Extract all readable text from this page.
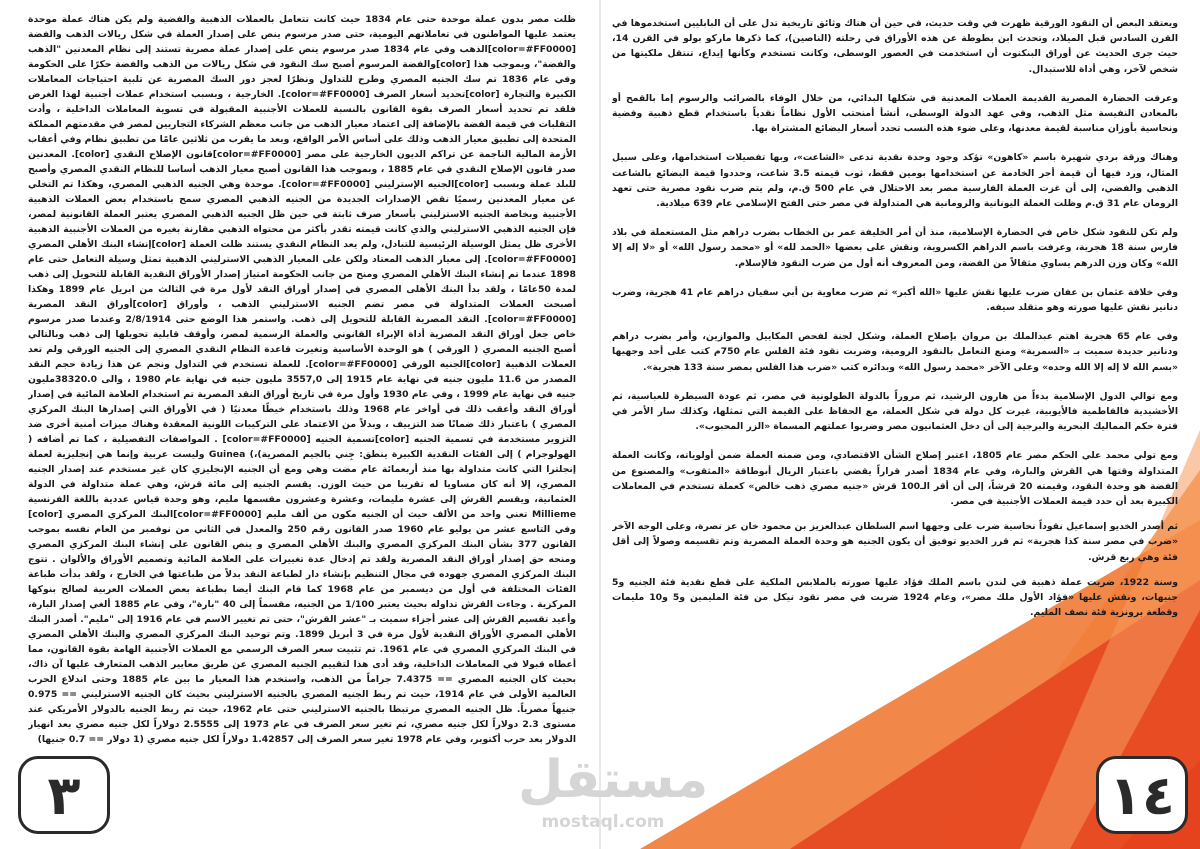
ظلت مصر بدون عملة موحدة حتى عام 1834 حيث كانت تتعامل بالعملات الذهبية والفضية ولم يكن هناك عملة موحدة يعتمد عليها المواطنون في تعاملاتهم اليومية، حتى صدر مرسوم ينص على إصدار العملة في شكل ريالات الذهب والفضة [color=#FF0000]الذهب وفي عام 1834 صدر مرسوم ينص على إصدار عملة مصرية تستند إلى نظام المعدنين "الذهب والفضة"، وبموجب هذا [color]والفضة المرسوم أصبح سك النقود في شكل ريالات من الذهب والفضة حكرًا على الحكومة وفي عام 1836 تم سك الجنيه المصري وطرح للتداول ونظرًا لعجز دور السك المصرية عن تلبية احتياجات المعاملات الكبيرة والتجارة [color]تحديد أسعار الصرف [color=#FF0000]. الخارجية ، وبسبب استخدام عملات أجنبية لهذا الغرض فلقد تم تحديد أسعار الصرف بقوة القانون بالنسبة للعملات الأجنبية المقبولة في تسوية المعاملات الداخلية ، وأدت التقلبات في قيمة الفضة بالإضافة إلى اعتماد معيار الذهب من جانب معظم الشركاء التجاريين لمصر في مقدمتهم المملكة المتحدة إلى تطبيق معيار الذهب وذلك على أساس الأمر الواقع، وبعد ما يقرب من ثلاثين عامًا من تطبيق نظام وفي أعقاب الأزمة المالية الناجمة عن تراكم الديون الخارجية على مصر [color=#FF0000]قانون الإصلاح النقدي [color]. المعدنين صدر قانون الإصلاح النقدي في عام 1885 ، وبموجب هذا القانون أصبح معيار الذهب أساسا للنظام النقدي المصري وأصبح للبلد عملة وبسبب [color]الجنيه الإسترليني [color=#FF0000]. موحدة وهي الجنيه الذهبي المصري، وهكذا تم التخلي عن معيار المعدنين رسميًا نقص الإصدارات الجديدة من الجنيه الذهبي المصري سمح باستخدام بعض العملات الذهبية الأجنبية وبخاصة الجنيه الاسترليني بأسعار صرف ثابتة في حين ظل الجنيه الذهبي المصري يعتبر العملة القانونية لمصر، فإن الجنيه الذهبي الاسترليني والذي كانت قيمته تقدر بأكثر من محتواه الذهبي مقارنة بغيره من العملات الأجنبية الذهبية الأخرى ظل يمثل الوسيلة الرئيسية للتبادل، ولم يعد النظام النقدي يستند ظلت العملة [color]إنشاء البنك الأهلي المصري [color=#FF0000]. إلى معيار الذهب المعتاد ولكن على المعيار الذهبي الاسترليني الذهبية تمثل وسيلة التعامل حتى عام 1898 عندما تم إنشاء البنك الأهلي المصري ومنح من جانب الحكومة امتياز إصدار الأوراق النقدية القابلة للتحويل إلى ذهب لمدة 50عامًا ، ولقد بدأ البنك الأهلى المصري في إصدار أوراق النقد لأول مرة في الثالث من ابريل عام 1899 وهكذا أصبحت العملات المتداولة في مصر تضم الجنيه الاسترليني الذهب ، وأوراق [color]أوراق النقد المصرية [color=#FF0000]. النقد المصرية القابلة للتحويل إلى ذهب. واستمر هذا الوضع حتى 2/8/1914 وعندما صدر مرسوم خاص جعل أوراق النقد المصرية أداة الإبراء القانوني والعملة الرسمية لمصر، وأوقف قابلية تحويلها إلى ذهب وبالتالي أصبح الجنيه المصري ( الورقي ) هو الوحدة الأساسية وتغيرت قاعدة النظام النقدي المصري إلى الجنيه الورقي ولم تعد العملات الذهبية [color]الجنيه الورقي [color=#FF0000]. للعملة تستخدم في التداول ونجم عن هذا زيادة حجم النقد المصدر من 11.6 مليون جنيه في نهاية عام 1915 إلى 3557,0 مليون جنيه في نهاية عام 1980 ، والى 38320.0مليون جنيه في نهاية عام 1999 ، وفي عام 1930 وأول مرة في تاريخ أوراق النقد المصرية تم استخدام العلامة المائية في إصدار أوراق النقد وأعقب ذلك في أواخر عام 1968 وذلك باستخدام خيطًا معدنيًا ( في الأوراق التي إصدارها البنك المركزي المصري ) باعتبار ذلك ضمانًا ضد التزييف ، وبدلاً من الاعتماد على التركيبات اللونية المعقدة وهناك ميزات أمنية أخرى ضد التزوير مستخدمة في تسمية الجنيه [color]تسمية الجنيه [color=#FF0000] . المواصفات التفصيلية ، كما تم أضافه ( الهولوجرام ) إلى الفئات النقدية الكبيرة ينطق: جِني بالجيم المصرية)،) Guinea وليست عربية وإنما هي إنجليزية لعملة إنجلترا التي كانت متداولة بها منذ أربعمائة عام مضت وهي ومع أن الجنيه الإنجليزي كان غير مستخدم عند إصدار الجنيه المصري، إلا أنه كان مساويا له تقريبا من حيث الوزن. يقسم الجنيه إلى مائة قرش، وهي عملة متداولة في الدولة العثمانية، ويقسم القرش إلى عشرة مليمات، وعشرة وعشرون مقسمها مليم، وهو وحدة قياس عددية باللغة الفرنسية Millieme تعني واحد من الألف حيث أن الجنيه مكون من ألف مليم [color=#FF0000]البنك المركزي المصري [color] وفي التاسع عشر من يوليو عام 1960 صدر القانون رقم 250 والمعدل في الثاني من نوفمبر من العام نفسه بموجب القانون 377 بشأن البنك المركزي المصري والبنك الأهلي المصري و ينص القانون على إنشاء البنك المركزي المصري ومنحه حق إصدار أوراق النقد المصرية ولقد تم إدخال عدة تغييرات على العلامة المائية وتصميم الأوراق والألوان . تتوج البنك المركزي المصري جهوده في مجال التنظيم بإنشاء دار لطباعة النقد بدلاً من طباعتها في الخارج ، ولقد بدأت طباعة الفئات المختلفة في أول من ديسمبر من عام 1968 كما قام البنك أيضا بطباعة بعض العملات العربية لصالح بنوكها المركزية . وجاءت القرش تداوله بحيث يعتبر 1/100 من الجنيه، مقسماً إلى 40 "بارة"، وفي عام 1885 ألغي إصدار البارة، وأعيد تقسيم القرش إلى عشر أجزاء سميت بـ "عشر القرش"، حتى تم تغيير الاسم في عام 1916 إلى "مليم". أصدر البنك الأهلي المصري الأوراق النقدية لأول مرة في 3 أبريل 1899. وتم توحيد البنك المركزي المصري والبنك الأهلي المصري في البنك المركزي المصري في عام 1961. تم تثبيت سعر الصرف الرسمي مع العملات الأجنبية الهامة بقوة القانون، مما أعطاه قبولا في المعاملات الداخلية، وقد أدى هذا لتقييم الجنيه المصري عن طريق معايير الذهب المتعارف عليها آن ذاك، بحيث كان الجنيه المصري == 7.4375 جراماً من الذهب، واستخدم هذا المعيار ما بين عام 1885 وحتى اندلاع الحرب العالمية الأولى في عام 1914، حيث تم ربط الجنيه المصري بالجنيه الاسترليني بحيث كان الجنيه الاسترليني == 0.975 جنيهاً مصرياً. ظل الجنيه المصري مرتبطا بالجنيه الاسترليني حتى عام 1962، حيث تم ربط الجنيه بالدولار الأمريكي عند مستوى 2.3 دولاراً لكل جنيه مصري، ثم تغير سعر الصرف في عام 1973 إلى 2.5555 دولاراً لكل جنيه مصري بعد انهيار الدولار بعد حرب أكتوبر، وفي عام 1978 تغير سعر الصرف إلى 1.42857 دولاراً لكل جنيه مصري (1 دولار == 0.7 جنيها)

ويعتقد البعض أن النقود الورقية ظهرت في وقت حديث، في حين أن هناك وثائق تاريخية تدل على أن البابليين استخدموها في القرن السادس قبل الميلاد، وتحدث ابن بطوطة عن هذه الأوراق في رحلته (الناصين)، كما ذكرها ماركو بولو في القرن 14، حيث جرى الحديث عن أوراق البنكنوت أن استخدمت في العصور الوسطى، وكانت تستخدم وكأنها إيداع، تنتقل ملكيتها من شخص لآخر، وهي أداة للاستبدال.

وعرفت الحضارة المصرية القديمة العملات المعدنية في شكلها البدائي، من خلال الوفاء بالضرائب والرسوم إما بالقمح أو بالمعادن النفيسة مثل الذهب، وفي عهد الدولة الوسطى، أنشأ أمنحتب الأول نظاماً نقدياً باستخدام قطع ذهبية وفضية ونحاسية بأوزان مناسبة لقيمة معدنها، وعلى ضوء هذه النسب تحدد أسعار البضائع المشتراة بها.

وهناك ورقة بردي شهيرة باسم «كاهون» تؤكد وجود وحدة نقدية تدعى «الشاعت»، وبها تفصيلات استخدامها، وعلى سبيل المثال، ورد فيها أن قيمة أجر الخادمة عن استخدامها بومين فقط، ثوب قيمته 3.5 شاعت، وحددوا قيمة البضائع بالشاعت الذهبي والفضي، إلى أن غزت العملة الفارسية مصر بعد الاحتلال في عام 500 ق.م، ولم يتم ضرب نقود مصرية حتى تعهد الرومان عام 31 ق.م وظلت العملة اليونانية والرومانية هي المتداولة في مصر حتى الفتح الإسلامي عام 639 ميلادية.

ولم تكن للنقود شكل خاص في الحضارة الإسلامية، منذ أن أمر الخليفة عمر بن الخطاب بضرب دراهم مثل المستعملة في بلاد فارس سنة 18 هجرية، وعرفت باسم الدراهم الكسروية، ونقش على بعضها «الحمد لله» أو «محمد رسول الله» أو «لا إله إلا الله» وكان وزن الدرهم يساوي مثقالاً من الفضة، ومن المعروف أنه أول من ضرب النقود فالإسلام.

وفي خلافة عثمان بن عفان ضرب عليها نقش عليها «الله أكبر» ثم ضرب معاوية بن أبي سفيان دراهم عام 41 هجرية، وضرب دنانير نقش عليها صورته وهو متقلد سيفه.

وفي عام 65 هجرية اهتم عبدالملك بن مروان بإصلاح العملة، وشكل لجنة لفحص المكاييل والموازين، وأمر بضرب دراهم ودنانير جديدة سميت بـ «السمرية» ومنع التعامل بالنقود الرومية، وضربت نقود فئة الفلس عام 750م كتب على أحد وجهيها «بسم الله لا إله إلا الله وحده» وعلى الآخر «محمد رسول الله» وبدائره كتب «ضرب هذا الفلس بمصر سنة 133 هجرية».

ومع توالي الدول الإسلامية بدءاً من هارون الرشيد، ثم مروراً بالدولة الطولونية في مصر، ثم عودة السيطرة للعباسية، ثم الأخشيدية فالفاطمية فالأيوبية، غيرت كل دولة في شكل العملة، مع الحفاظ على القيمة التي تمثلها، وكذلك سار الأمر في فترة حكم المماليك البحرية والبرجية إلى أن دخل العثمانيون مصر وضربوا عملتهم المسماة «الزر المحبوب».

ومع تولي محمد علي الحكم مصر عام 1805، اعتبر إصلاح الشأن الاقتصادي، ومن ضمنه العملة ضمن أولوياته، وكانت العملة المتداولة وقتها هي القرش والبارة، وفي عام 1834 أصدر قراراً يقضي باعتبار الريال أبوطاقة «المثقوب» والمصنوع من الفضة هو وحدة النقود، وقيمته 20 قرشاً، إلى أن أقر الـ100 قرش «جنيه مصري ذهب خالص» كعملة تستخدم في المعاملات الكبيرة بعد أن حدد قيمة العملات الأجنبية في مصر.

ثم أصدر الخديو إسماعيل نقوداً نحاسية ضرب على وجهها اسم السلطان عبدالعزيز بن محمود خان عز نصرة، وعلى الوجه الآخر «ضرب في مصر سنة كذا هجرية» ثم قرر الخديو توفيق أن يكون الجنيه هو وحدة العملة المصرية وتم تقسيمه وصولاً إلى أقل فئة وهي ربع قرش.

وسنة 1922، ضربت عملة ذهبية في لندن باسم الملك فؤاد عليها صورته بالملابس الملكية على قطع نقدية فئة الجنيه و5 جنيهات، ونقش عليها «فؤاد الأول ملك مصر»، وعام 1924 ضربت في مصر نقود نيكل من فئة المليمين و5 و10 مليمات وقطعة برونزية فئة نصف المليم.

٣	١٤
مستقل
mostaql.com
